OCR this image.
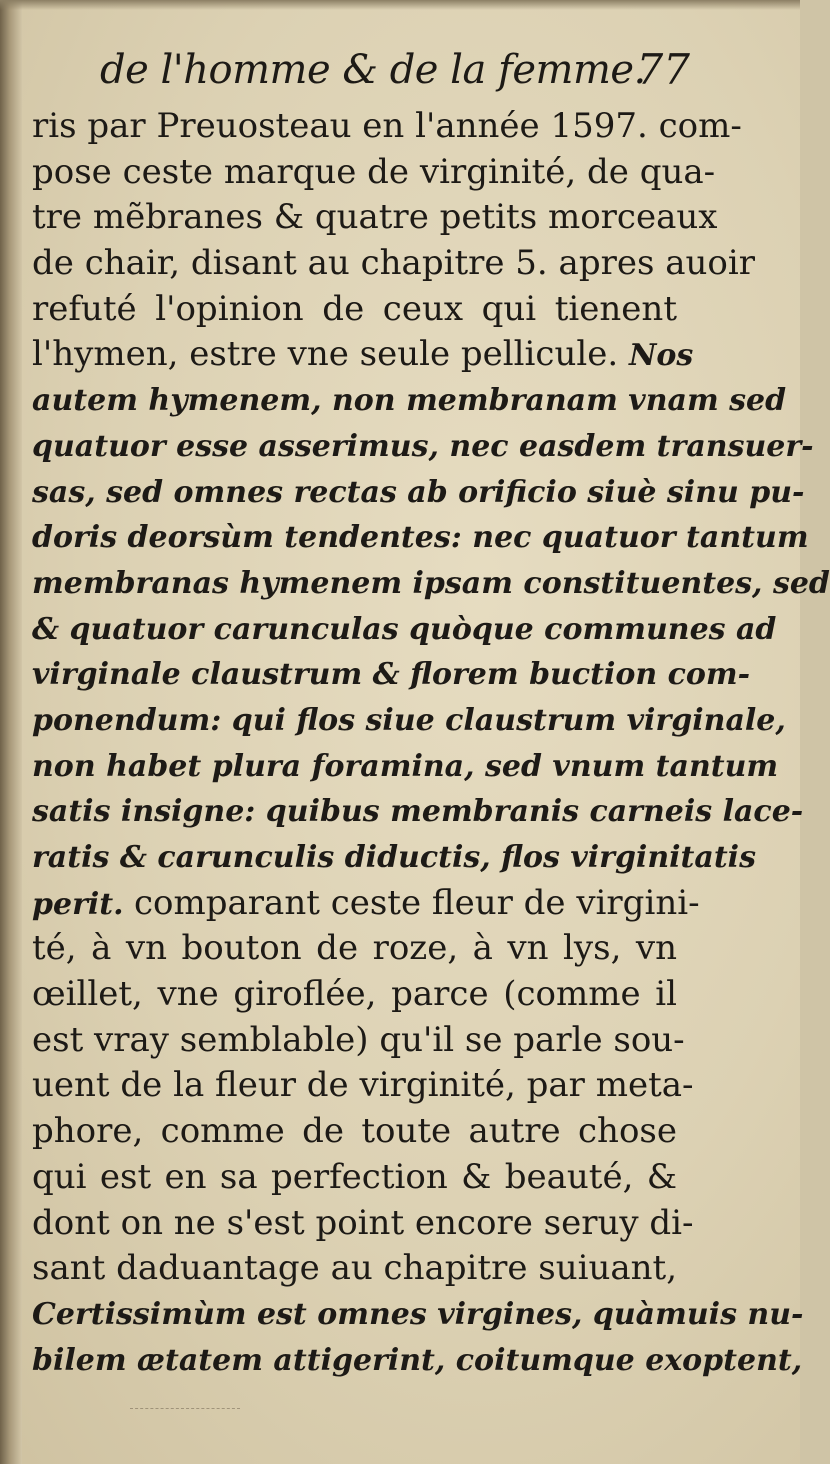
de l'homme & de la femme.
77
ris par Preuosteau en l'année 1597. com-
pose ceste marque de virginité, de qua-
tre mẽbranes & quatre petits morceaux
de chair, disant au chapitre 5. apres auoir
refuté l'opinion de ceux qui tienent
l'hymen, estre vne seule pellicule. Nos
autem hymenem, non membranam vnam sed
quatuor esse asserimus, nec easdem transuer-
sas, sed omnes rectas ab orificio siuè sinu pu-
doris deorsùm tendentes: nec quatuor tantum
membranas hymenem ipsam constituentes, sed
& quatuor carunculas quòque communes ad
virginale claustrum & florem buction com-
ponendum: qui flos siue claustrum virginale,
non habet plura foramina, sed vnum tantum
satis insigne: quibus membranis carneis lace-
ratis & carunculis diductis, flos virginitatis
perit. comparant ceste fleur de virgini-
té, à vn bouton de roze, à vn lys, vn
œillet, vne giroflée, parce (comme il
est vray semblable) qu'il se parle sou-
uent de la fleur de virginité, par meta-
phore, comme de toute autre chose
qui est en sa perfection & beauté, &
dont on ne s'est point encore seruy di-
sant daduantage au chapitre suiuant,
Certissimùm est omnes virgines, quàmuis nu-
bilem ætatem attigerint, coitumque exoptent,
